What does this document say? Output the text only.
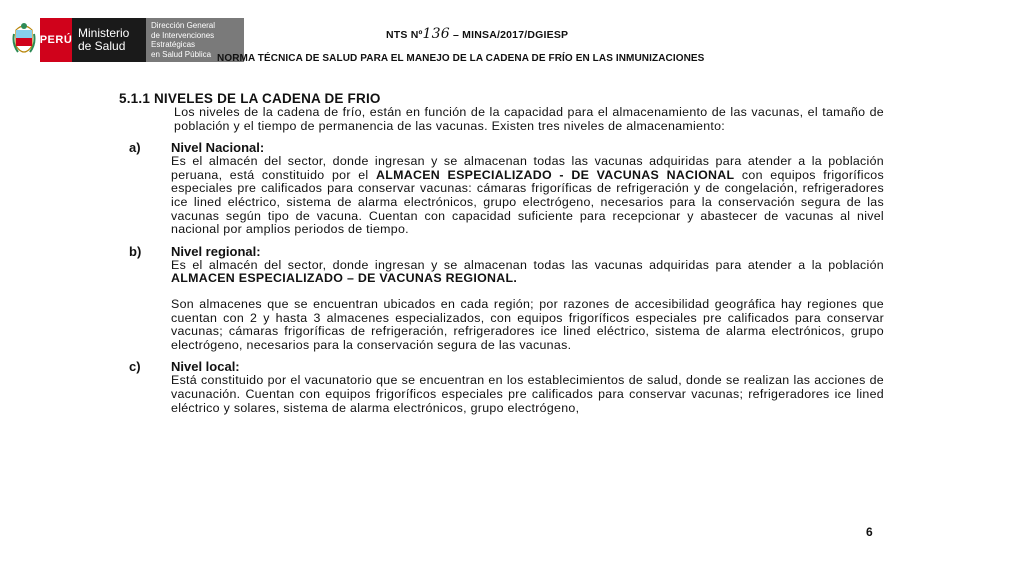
PERÚ Ministerio
de Salud
Dirección General
de Intervenciones Estratégicas
en Salud Pública
NTS Nº136 – MINSA/2017/DGIESP
NORMA TÉCNICA DE SALUD PARA EL MANEJO DE LA CADENA DE FRÍO EN LAS INMUNIZACIONES
5.1.1 NIVELES DE LA CADENA DE FRIO
Los niveles de la cadena de frío, están en función de la capacidad para el almacenamiento de las vacunas, el tamaño de población y el tiempo de permanencia de las vacunas. Existen tres niveles de almacenamiento:
a)	Nivel Nacional:
Es el almacén del sector, donde ingresan y se almacenan todas las vacunas adquiridas para atender a la población peruana, está constituido por el ALMACEN ESPECIALIZADO - DE VACUNAS NACIONAL con equipos frigoríficos especiales pre calificados para conservar vacunas: cámaras frigoríficas de refrigeración y de congelación, refrigeradores ice lined eléctrico, sistema de alarma electrónicos, grupo electrógeno, necesarios para la conservación segura de las vacunas según tipo de vacuna. Cuentan con capacidad suficiente para recepcionar y abastecer de vacunas al nivel nacional por amplios periodos de tiempo.
b)	Nivel regional:
Es el almacén del sector, donde ingresan y se almacenan todas las vacunas adquiridas para atender a la población ALMACEN ESPECIALIZADO – DE VACUNAS REGIONAL.
Son almacenes que se encuentran ubicados en cada región; por razones de accesibilidad geográfica hay regiones que cuentan con 2 y hasta 3 almacenes especializados, con equipos frigoríficos especiales pre calificados para conservar vacunas; cámaras frigoríficas de refrigeración, refrigeradores ice lined eléctrico, sistema de alarma electrónicos, grupo electrógeno, necesarios para la conservación segura de las vacunas.
c)	Nivel local:
Está constituido por el vacunatorio que se encuentran en los establecimientos de salud, donde se realizan las acciones de vacunación. Cuentan con equipos frigoríficos especiales pre calificados para conservar vacunas; refrigeradores ice lined eléctrico y solares, sistema de alarma electrónicos, grupo electrógeno,
6
